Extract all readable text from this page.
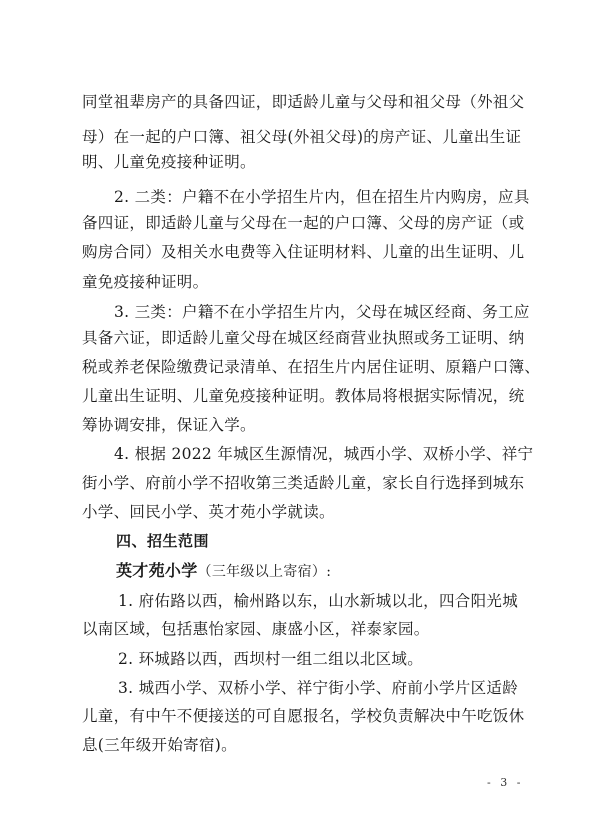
同堂祖辈房产的具备四证，即适龄儿童与父母和祖父母（外祖父
母）在一起的户口簿、祖父母(外祖父母)的房产证、儿童出生证
明、儿童免疫接种证明。
2. 二类：户籍不在小学招生片内，但在招生片内购房，应具
备四证，即适龄儿童与父母在一起的户口簿、父母的房产证（或
购房合同）及相关水电费等入住证明材料、儿童的出生证明、儿
童免疫接种证明。
3. 三类：户籍不在小学招生片内，父母在城区经商、务工应
具备六证，即适龄儿童父母在城区经商营业执照或务工证明、纳
税或养老保险缴费记录清单、在招生片内居住证明、原籍户口簿、
儿童出生证明、儿童免疫接种证明。教体局将根据实际情况，统
筹协调安排，保证入学。
4. 根据 2022 年城区生源情况，城西小学、双桥小学、祥宁
街小学、府前小学不招收第三类适龄儿童，家长自行选择到城东
小学、回民小学、英才苑小学就读。
四、招生范围
英才苑小学（三年级以上寄宿）:
1. 府佑路以西，榆州路以东，山水新城以北，四合阳光城
以南区域，包括惠怡家园、康盛小区，祥泰家园。
2. 环城路以西，西坝村一组二组以北区域。
3. 城西小学、双桥小学、祥宁街小学、府前小学片区适龄
儿童，有中午不便接送的可自愿报名，学校负责解决中午吃饭休
息(三年级开始寄宿)。
- 3 -
